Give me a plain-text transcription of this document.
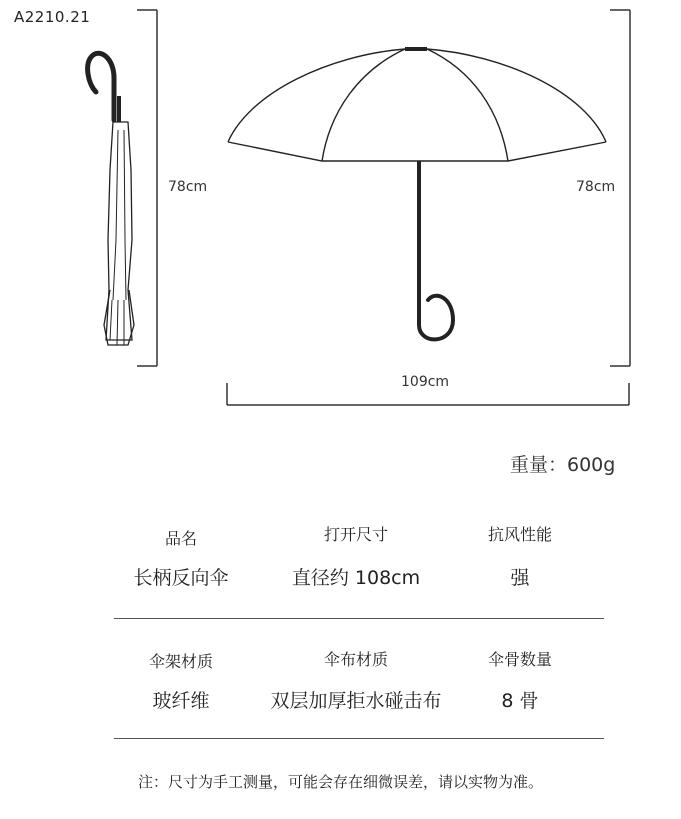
A2210.21
78cm	78cm
109cm
重量：600g
品名	打开尺寸	抗风性能
长柄反向伞	直径约 108cm	强
伞架材质	伞布材质	伞骨数量
玻纤维	双层加厚拒水碰击布	8 骨
注：尺寸为手工测量，可能会存在细微误差，请以实物为准。
